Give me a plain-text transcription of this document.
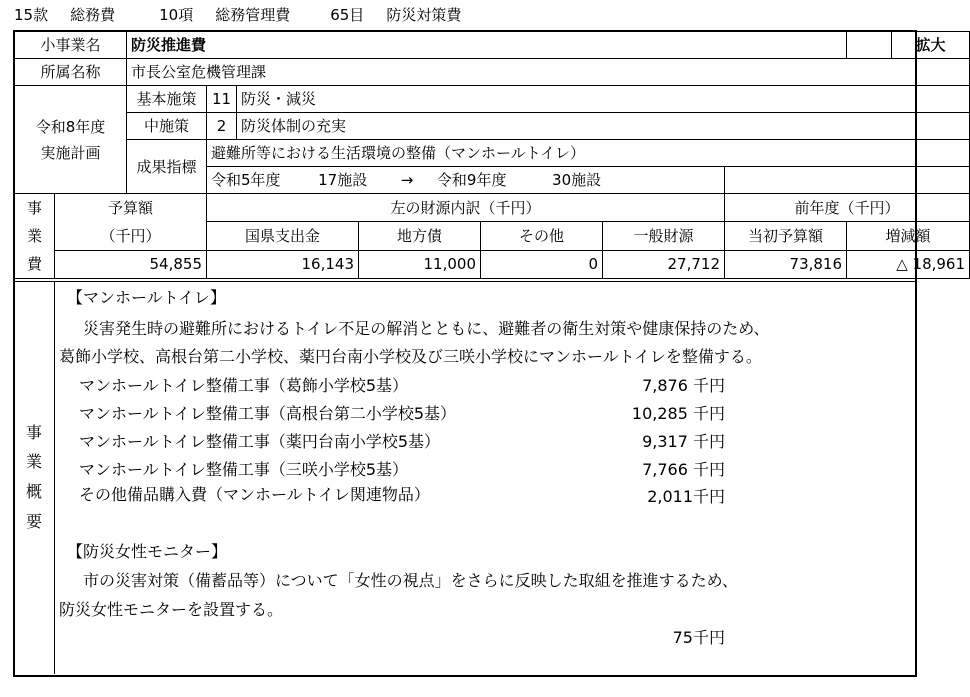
15款 総務費	10項 総務管理費	65目 防災対策費
小事業名		防災推進費								拡大
所属名称		市長公室危機管理課								

令和8年度
実施計画		基本施策	11	防災・減災						
		中施策	2	防災体制の充実						
		成果指標	避難所等における生活環境の整備（マンホールトイレ）							
			令和5年度 17施設 → 令和9年度 30施設							

事
業
費	予算額		左の財源内訳（千円）					前年度（千円）		
	（千円）		国県支出金		地方債	その他	一般財源	当初予算額	増減額	
	54,855		16,143		11,000	0	27,712	73,816	△ 18,961	
事
業
概
要
【マンホールトイレ】
災害発生時の避難所におけるトイレ不足の解消とともに、避難者の衛生対策や健康保持のため、
葛飾小学校、高根台第二小学校、薬円台南小学校及び三咲小学校にマンホールトイレを整備する。
マンホールトイレ整備工事（葛飾小学校5基）	7,876 千円
マンホールトイレ整備工事（高根台第二小学校5基）	10,285 千円
マンホールトイレ整備工事（薬円台南小学校5基）	9,317 千円
マンホールトイレ整備工事（三咲小学校5基）	7,766 千円
その他備品購入費（マンホールトイレ関連物品）	2,011千円
【防災女性モニター】
市の災害対策（備蓄品等）について「女性の視点」をさらに反映した取組を推進するため、
防災女性モニターを設置する。
75千円
